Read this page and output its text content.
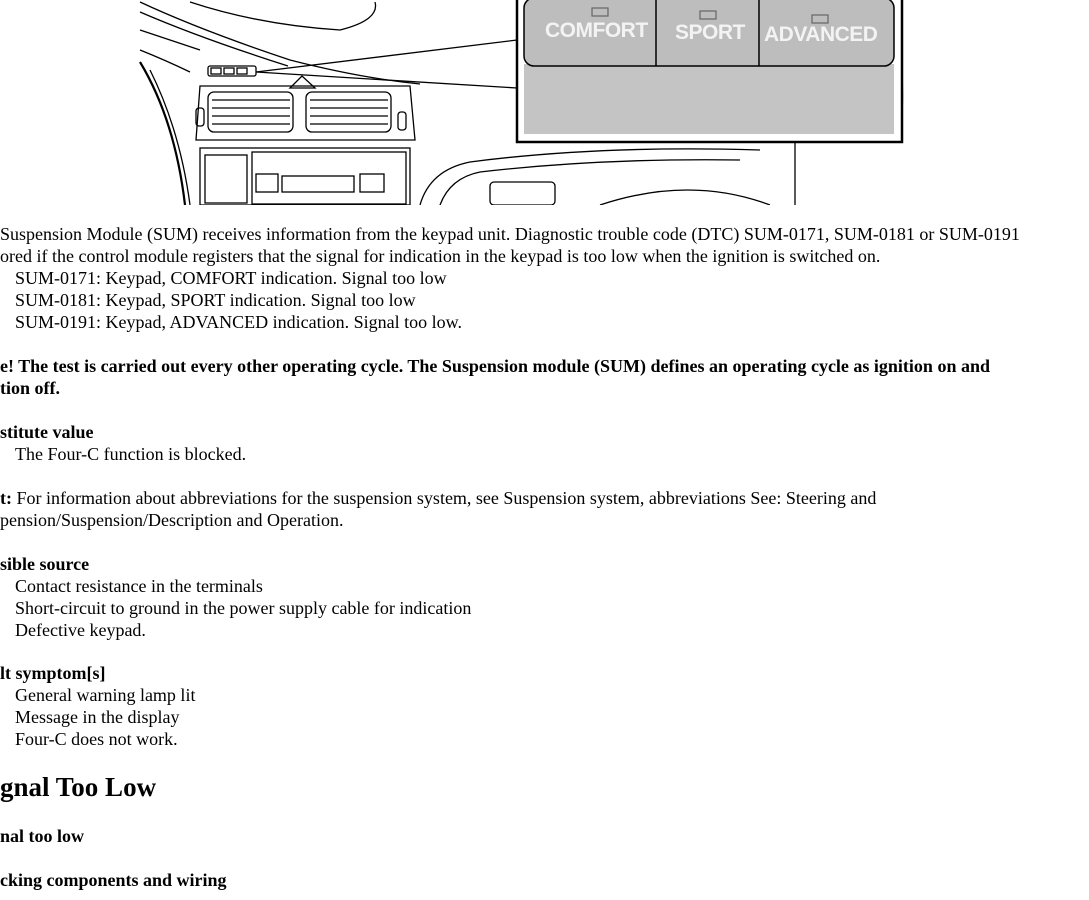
COMFORT SPORT ADVANCED
Suspension Module (SUM) receives information from the keypad unit. Diagnostic trouble code (DTC) SUM-0171, SUM-0181 or SUM-0191
ored if the control module registers that the signal for indication in the keypad is too low when the ignition is switched on.
SUM-0171: Keypad, COMFORT indication. Signal too low
SUM-0181: Keypad, SPORT indication. Signal too low
SUM-0191: Keypad, ADVANCED indication. Signal too low.
e! The test is carried out every other operating cycle. The Suspension module (SUM) defines an operating cycle as ignition on and
tion off.
stitute value
The Four-C function is blocked.
t: For information about abbreviations for the suspension system, see Suspension system, abbreviations See: Steering and
pension/Suspension/Description and Operation.
sible source
Contact resistance in the terminals
Short-circuit to ground in the power supply cable for indication
Defective keypad.
lt symptom[s]
General warning lamp lit
Message in the display
Four-C does not work.
gnal Too Low
nal too low
cking components and wiring
